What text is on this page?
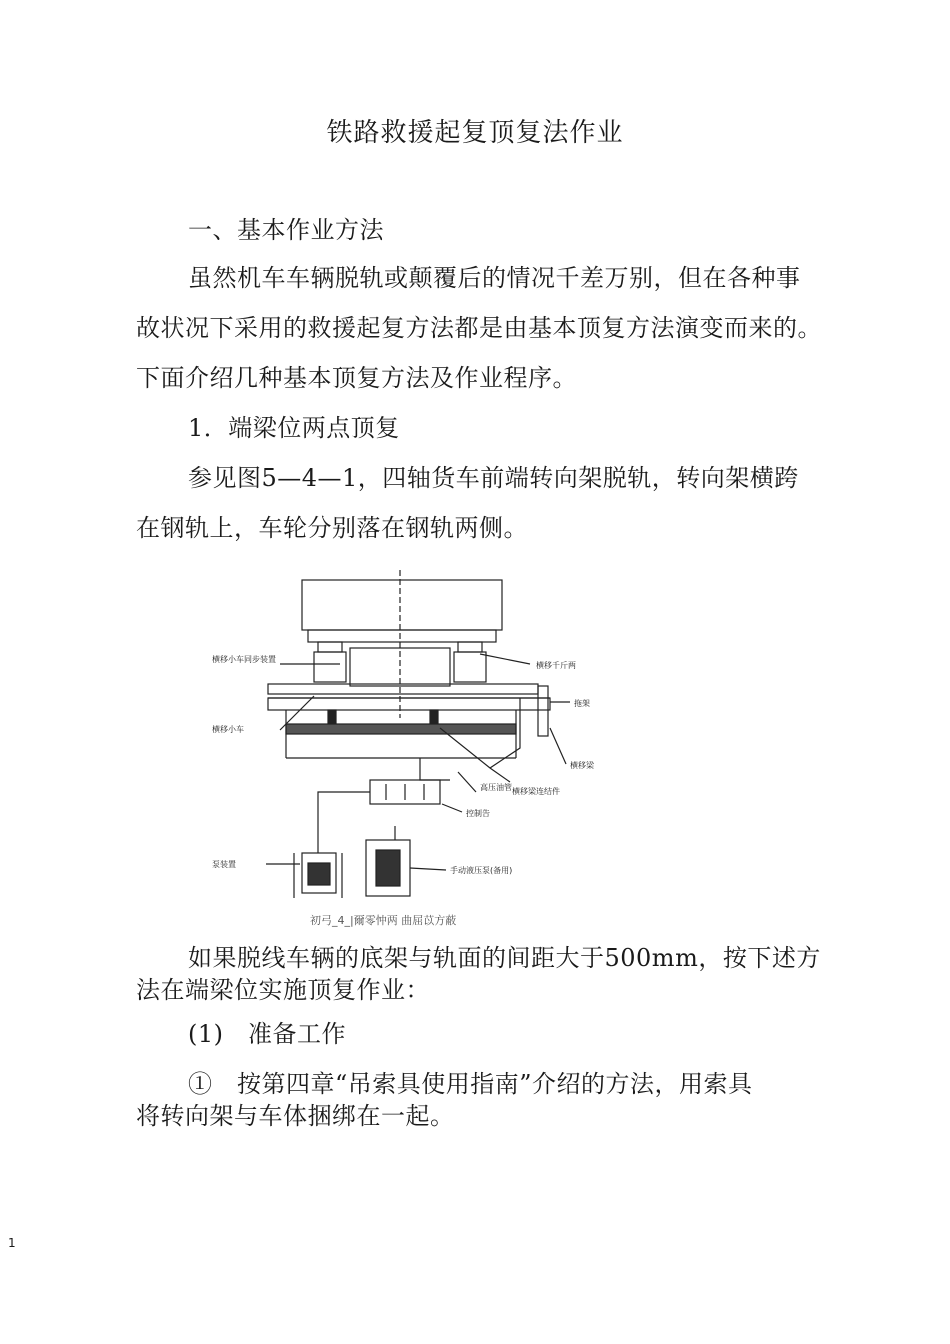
铁路救援起复顶复法作业
一、基本作业方法
虽然机车车辆脱轨或颠覆后的情况千差万别，但在各种事
故状况下采用的救援起复方法都是由基本顶复方法演变而来的。
下面介绍几种基本顶复方法及作业程序。
1．端梁位两点顶复
参见图5—4—1，四轴货车前端转向架脱轨，转向架横跨
在钢轨上，车轮分别落在钢轨两侧。
横移小车同步装置
横移千斤两
拖架
横移小车
横移梁
高压油管 横移梁连结件
控制告
泵装置
手动液压泵(备用)
初弓_4_|爾零忡两 曲屈苡方蔽
如果脱线车辆的底架与轨面的间距大于500mm，按下述方
法在端梁位实施顶复作业：
(1)　准备工作
①　按第四章“吊索具使用指南”介绍的方法，用索具
将转向架与车体捆绑在一起。
1
